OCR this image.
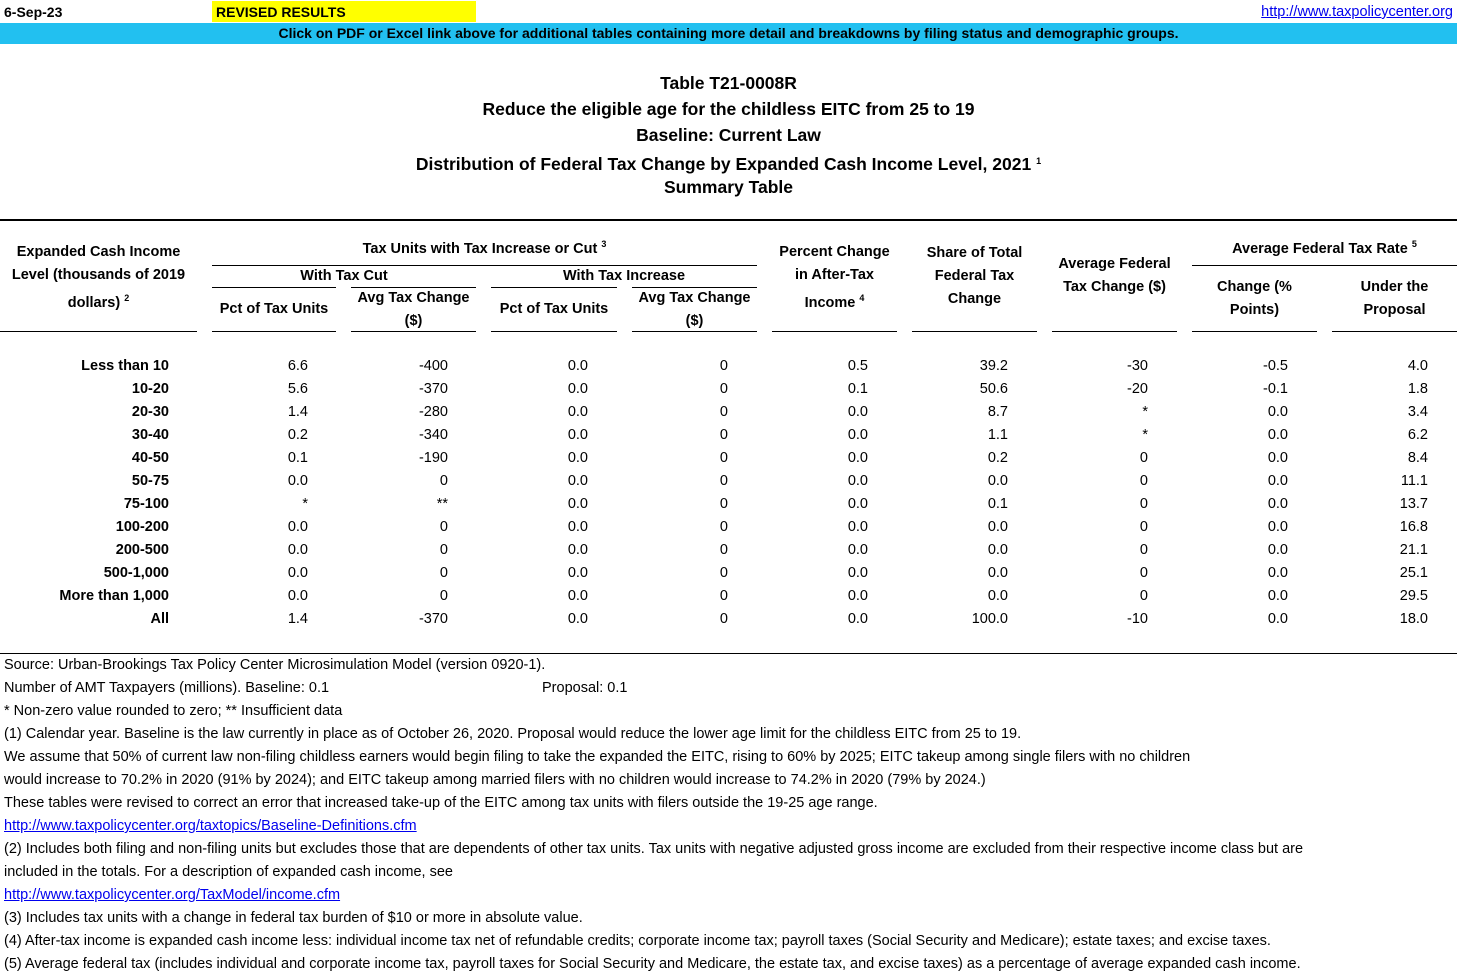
6-Sep-23	REVISED RESULTS	http://www.taxpolicycenter.org
Click on PDF or Excel link above for additional tables containing more detail and breakdowns by filing status and demographic groups.
Table T21-0008R
Reduce the eligible age for the childless EITC from 25 to 19
Baseline: Current Law
Distribution of Federal Tax Change by Expanded Cash Income Level, 2021 $^1$
Summary Table
Expanded Cash Income
Level (thousands of 2019
dollars) $^2$
Tax Units with Tax Increase or Cut $^3$
With Tax Cut	With Tax Increase
Pct of Tax Units
Avg Tax Change
($)
Pct of Tax Units
Avg Tax Change
($)
Percent Change
in After-Tax
Income $^4$
Share of Total
Federal Tax
Change
Average Federal
Tax Change ($)
Average Federal Tax Rate $^5$
Change (%
Points)
Under the
Proposal
Less than 10	6.6	-400	0.0	0	0.5	39.2	-30	-0.5	4.0
10-20	5.6	-370	0.0	0	0.1	50.6	-20	-0.1	1.8
20-30	1.4	-280	0.0	0	0.0	8.7	*	0.0	3.4
30-40	0.2	-340	0.0	0	0.0	1.1	*	0.0	6.2
40-50	0.1	-190	0.0	0	0.0	0.2	0	0.0	8.4
50-75	0.0	0	0.0	0	0.0	0.0	0	0.0	11.1
75-100	*	**	0.0	0	0.0	0.1	0	0.0	13.7
100-200	0.0	0	0.0	0	0.0	0.0	0	0.0	16.8
200-500	0.0	0	0.0	0	0.0	0.0	0	0.0	21.1
500-1,000	0.0	0	0.0	0	0.0	0.0	0	0.0	25.1
More than 1,000	0.0	0	0.0	0	0.0	0.0	0	0.0	29.5
All	1.4	-370	0.0	0	0.0	100.0	-10	0.0	18.0
Source: Urban-Brookings Tax Policy Center Microsimulation Model (version 0920-1).
Number of AMT Taxpayers (millions). Baseline: 0.1	Proposal: 0.1
* Non-zero value rounded to zero; ** Insufficient data
(1) Calendar year. Baseline is the law currently in place as of October 26, 2020. Proposal would reduce the lower age limit for the childless EITC from 25 to 19.
We assume that 50% of current law non-filing childless earners would begin filing to take the expanded the EITC, rising to 60% by 2025; EITC takeup among single filers with no children
would increase to 70.2% in 2020 (91% by 2024); and EITC takeup among married filers with no children would increase to 74.2% in 2020 (79% by 2024.)
These tables were revised to correct an error that increased take-up of the EITC among tax units with filers outside the 19-25 age range.
http://www.taxpolicycenter.org/taxtopics/Baseline-Definitions.cfm
(2) Includes both filing and non-filing units but excludes those that are dependents of other tax units. Tax units with negative adjusted gross income are excluded from their respective income class but are
included in the totals. For a description of expanded cash income, see
http://www.taxpolicycenter.org/TaxModel/income.cfm
(3) Includes tax units with a change in federal tax burden of $10 or more in absolute value.
(4) After-tax income is expanded cash income less: individual income tax net of refundable credits; corporate income tax; payroll taxes (Social Security and Medicare); estate taxes; and excise taxes.
(5) Average federal tax (includes individual and corporate income tax, payroll taxes for Social Security and Medicare, the estate tax, and excise taxes) as a percentage of average expanded cash income.
